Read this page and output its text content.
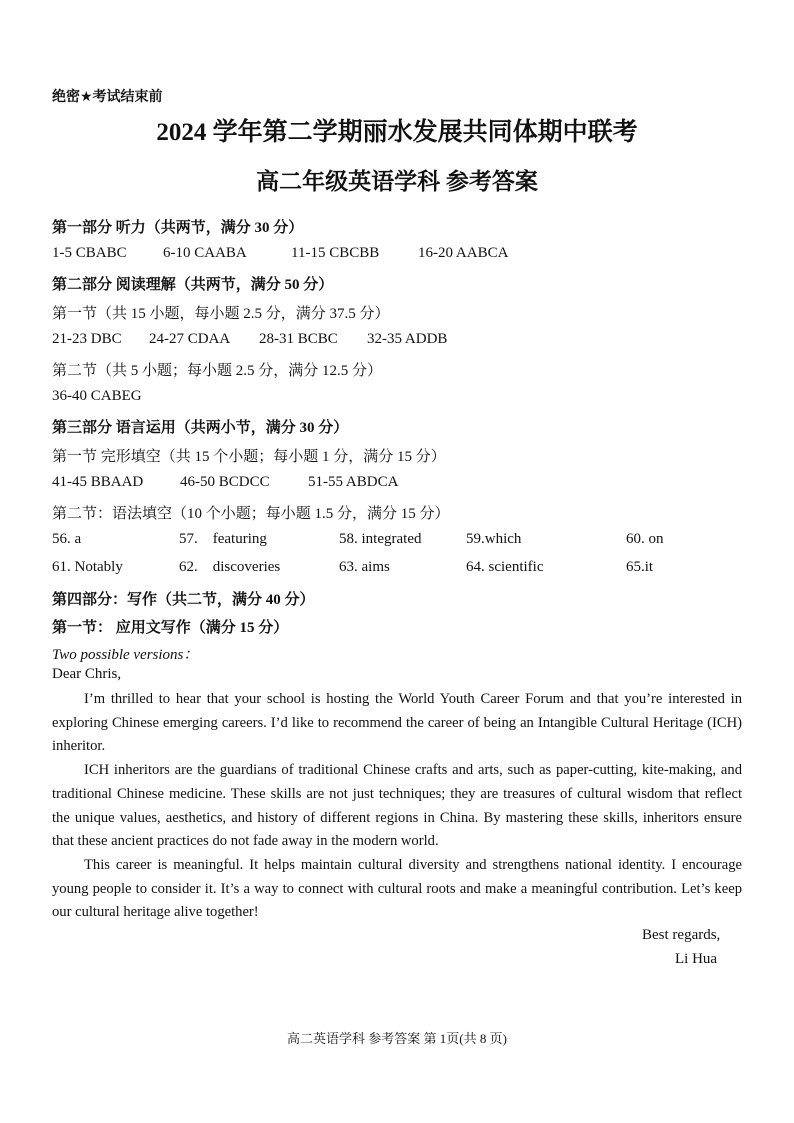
绝密★考试结束前
2024 学年第二学期丽水发展共同体期中联考
高二年级英语学科 参考答案
第一部分 听力（共两节，满分 30 分）
1-5 CBABC 6-10 CAABA	11-15 CBCBB	16-20 AABCA
第二部分 阅读理解（共两节，满分 50 分）
第一节（共 15 小题，每小题 2.5 分，满分 37.5 分）
21-23 DBC 24-27 CDAA 28-31 BCBC 32-35 ADDB
第二节（共 5 小题；每小题 2.5 分，满分 12.5 分）
36-40 CABEG
第三部分 语言运用（共两小节，满分 30 分）
第一节 完形填空（共 15 个小题；每小题 1 分，满分 15 分）
41-45 BBAAD 46-50 BCDCC	51-55 ABDCA
第二节：语法填空（10 个小题；每小题 1.5 分，满分 15 分）
56. a	57.    featuring	58. integrated	59.which	60. on
61. Notably	62.    discoveries	63. aims	64. scientific	65.it
第四部分：写作（共二节，满分 40 分）
第一节： 应用文写作（满分 15 分）
Two possible versions：
Dear Chris,

I’m thrilled to hear that your school is hosting the World Youth Career Forum and that you’re interested in exploring Chinese emerging careers. I’d like to recommend the career of being an Intangible Cultural Heritage (ICH) inheritor.

ICH inheritors are the guardians of traditional Chinese crafts and arts, such as paper-cutting, kite-making, and traditional Chinese medicine. These skills are not just techniques; they are treasures of cultural wisdom that reflect the unique values, aesthetics, and history of different regions in China. By mastering these skills, inheritors ensure that these ancient practices do not fade away in the modern world.

This career is meaningful. It helps maintain cultural diversity and strengthens national identity. I encourage young people to consider it. It’s a way to connect with cultural roots and make a meaningful contribution. Let’s keep our cultural heritage alive together!

Best regards,
Li Hua
高二英语学科 参考答案 第 1页(共 8 页)
